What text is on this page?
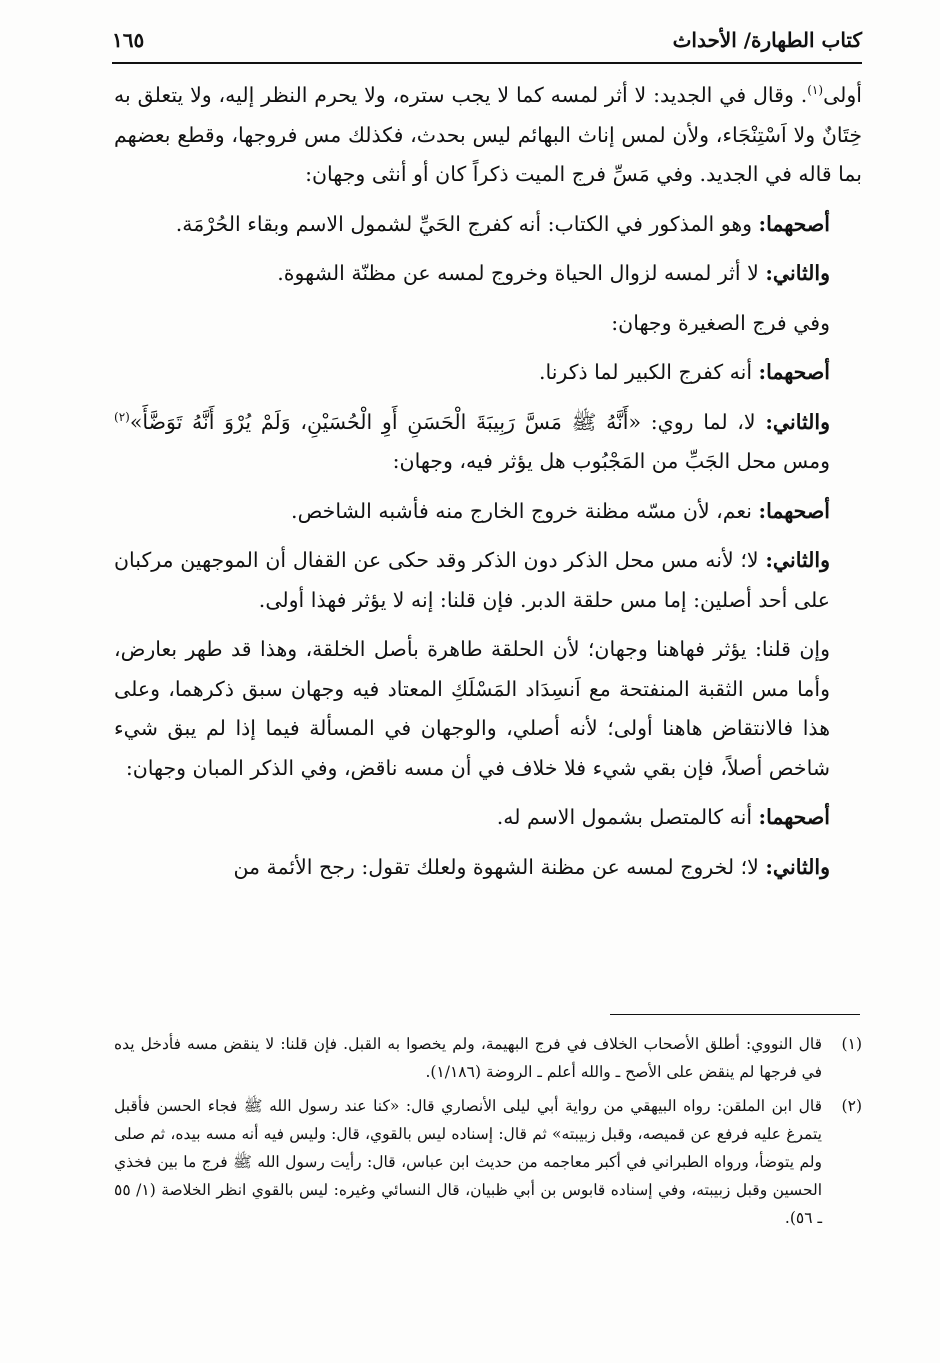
كتاب الطهارة/ الأحداث
١٦٥

أولى$^{(١)}$. وقال في الجديد: لا أثر لمسه كما لا يجب ستره، ولا يحرم النظر إليه، ولا يتعلق به خِتَانٌ ولا اَسْتِنْجَاء، ولأن لمس إناث البهائم ليس بحدث، فكذلك مس فروجها، وقطع بعضهم بما قاله في الجديد. وفي مَسِّ فرج الميت ذكراً كان أو أنثى وجهان:

أصحهما: وهو المذكور في الكتاب: أنه كفرج الحَيِّ لشمول الاسم وبقاء الحُرْمَة.

والثاني: لا أثر لمسه لزوال الحياة وخروج لمسه عن مظنّة الشهوة.

وفي فرج الصغيرة وجهان:

أصحهما: أنه كفرج الكبير لما ذكرنا.

والثاني: لا، لما روي: «أَنَّهُ ﷺ مَسَّ رَبِيبَةَ الْحَسَنِ أَوِ الْحُسَيْنِ، وَلَمْ يُرْوَ أَنَّهُ تَوَضَّأَ»$^{(٢)}$ ومس محل الجَبِّ من المَجْبُوب هل يؤثر فيه، وجهان:

أصحهما: نعم، لأن مسّه مظنة خروج الخارج منه فأشبه الشاخص.

والثاني: لا؛ لأنه مس محل الذكر دون الذكر وقد حكى عن القفال أن الموجهين مركبان على أحد أصلين: إما مس حلقة الدبر. فإن قلنا: إنه لا يؤثر فهذا أولى.

وإن قلنا: يؤثر فهاهنا وجهان؛ لأن الحلقة طاهرة بأصل الخلقة، وهذا قد طهر بعارض، وأما مس الثقبة المنفتحة مع اَنسِدَاد المَسْلَكِ المعتاد فيه وجهان سبق ذكرهما، وعلى هذا فالانتقاض هاهنا أولى؛ لأنه أصلي، والوجهان في المسألة فيما إذا لم يبق شيء شاخص أصلاً، فإن بقي شيء فلا خلاف في أن مسه ناقض، وفي الذكر المبان وجهان:

أصحهما: أنه كالمتصل بشمول الاسم له.

والثاني: لا؛ لخروج لمسه عن مظنة الشهوة ولعلك تقول: رجح الأئمة من

(١)
قال النووي: أطلق الأصحاب الخلاف في فرج البهيمة، ولم يخصوا به القبل. فإن قلنا: لا ينقض مسه فأدخل يده في فرجها لم ينقض على الأصح ـ والله أعلم ـ الروضة (١/١٨٦).
(٢)
قال ابن الملقن: رواه البيهقي من رواية أبي ليلى الأنصاري قال: «كنا عند رسول الله ﷺ فجاء الحسن فأقبل يتمرغ عليه فرفع عن قميصه، وقبل زبيبته» ثم قال: إسناده ليس بالقوي، قال: وليس فيه أنه مسه بيده، ثم صلى ولم يتوضأ، ورواه الطبراني في أكبر معاجمه من حديث ابن عباس، قال: رأيت رسول الله ﷺ فرج ما بين فخذي الحسين وقبل زبيبته، وفي إسناده قابوس بن أبي ظبيان، قال النسائي وغيره: ليس بالقوي انظر الخلاصة (١/ ٥٥ ـ ٥٦).
